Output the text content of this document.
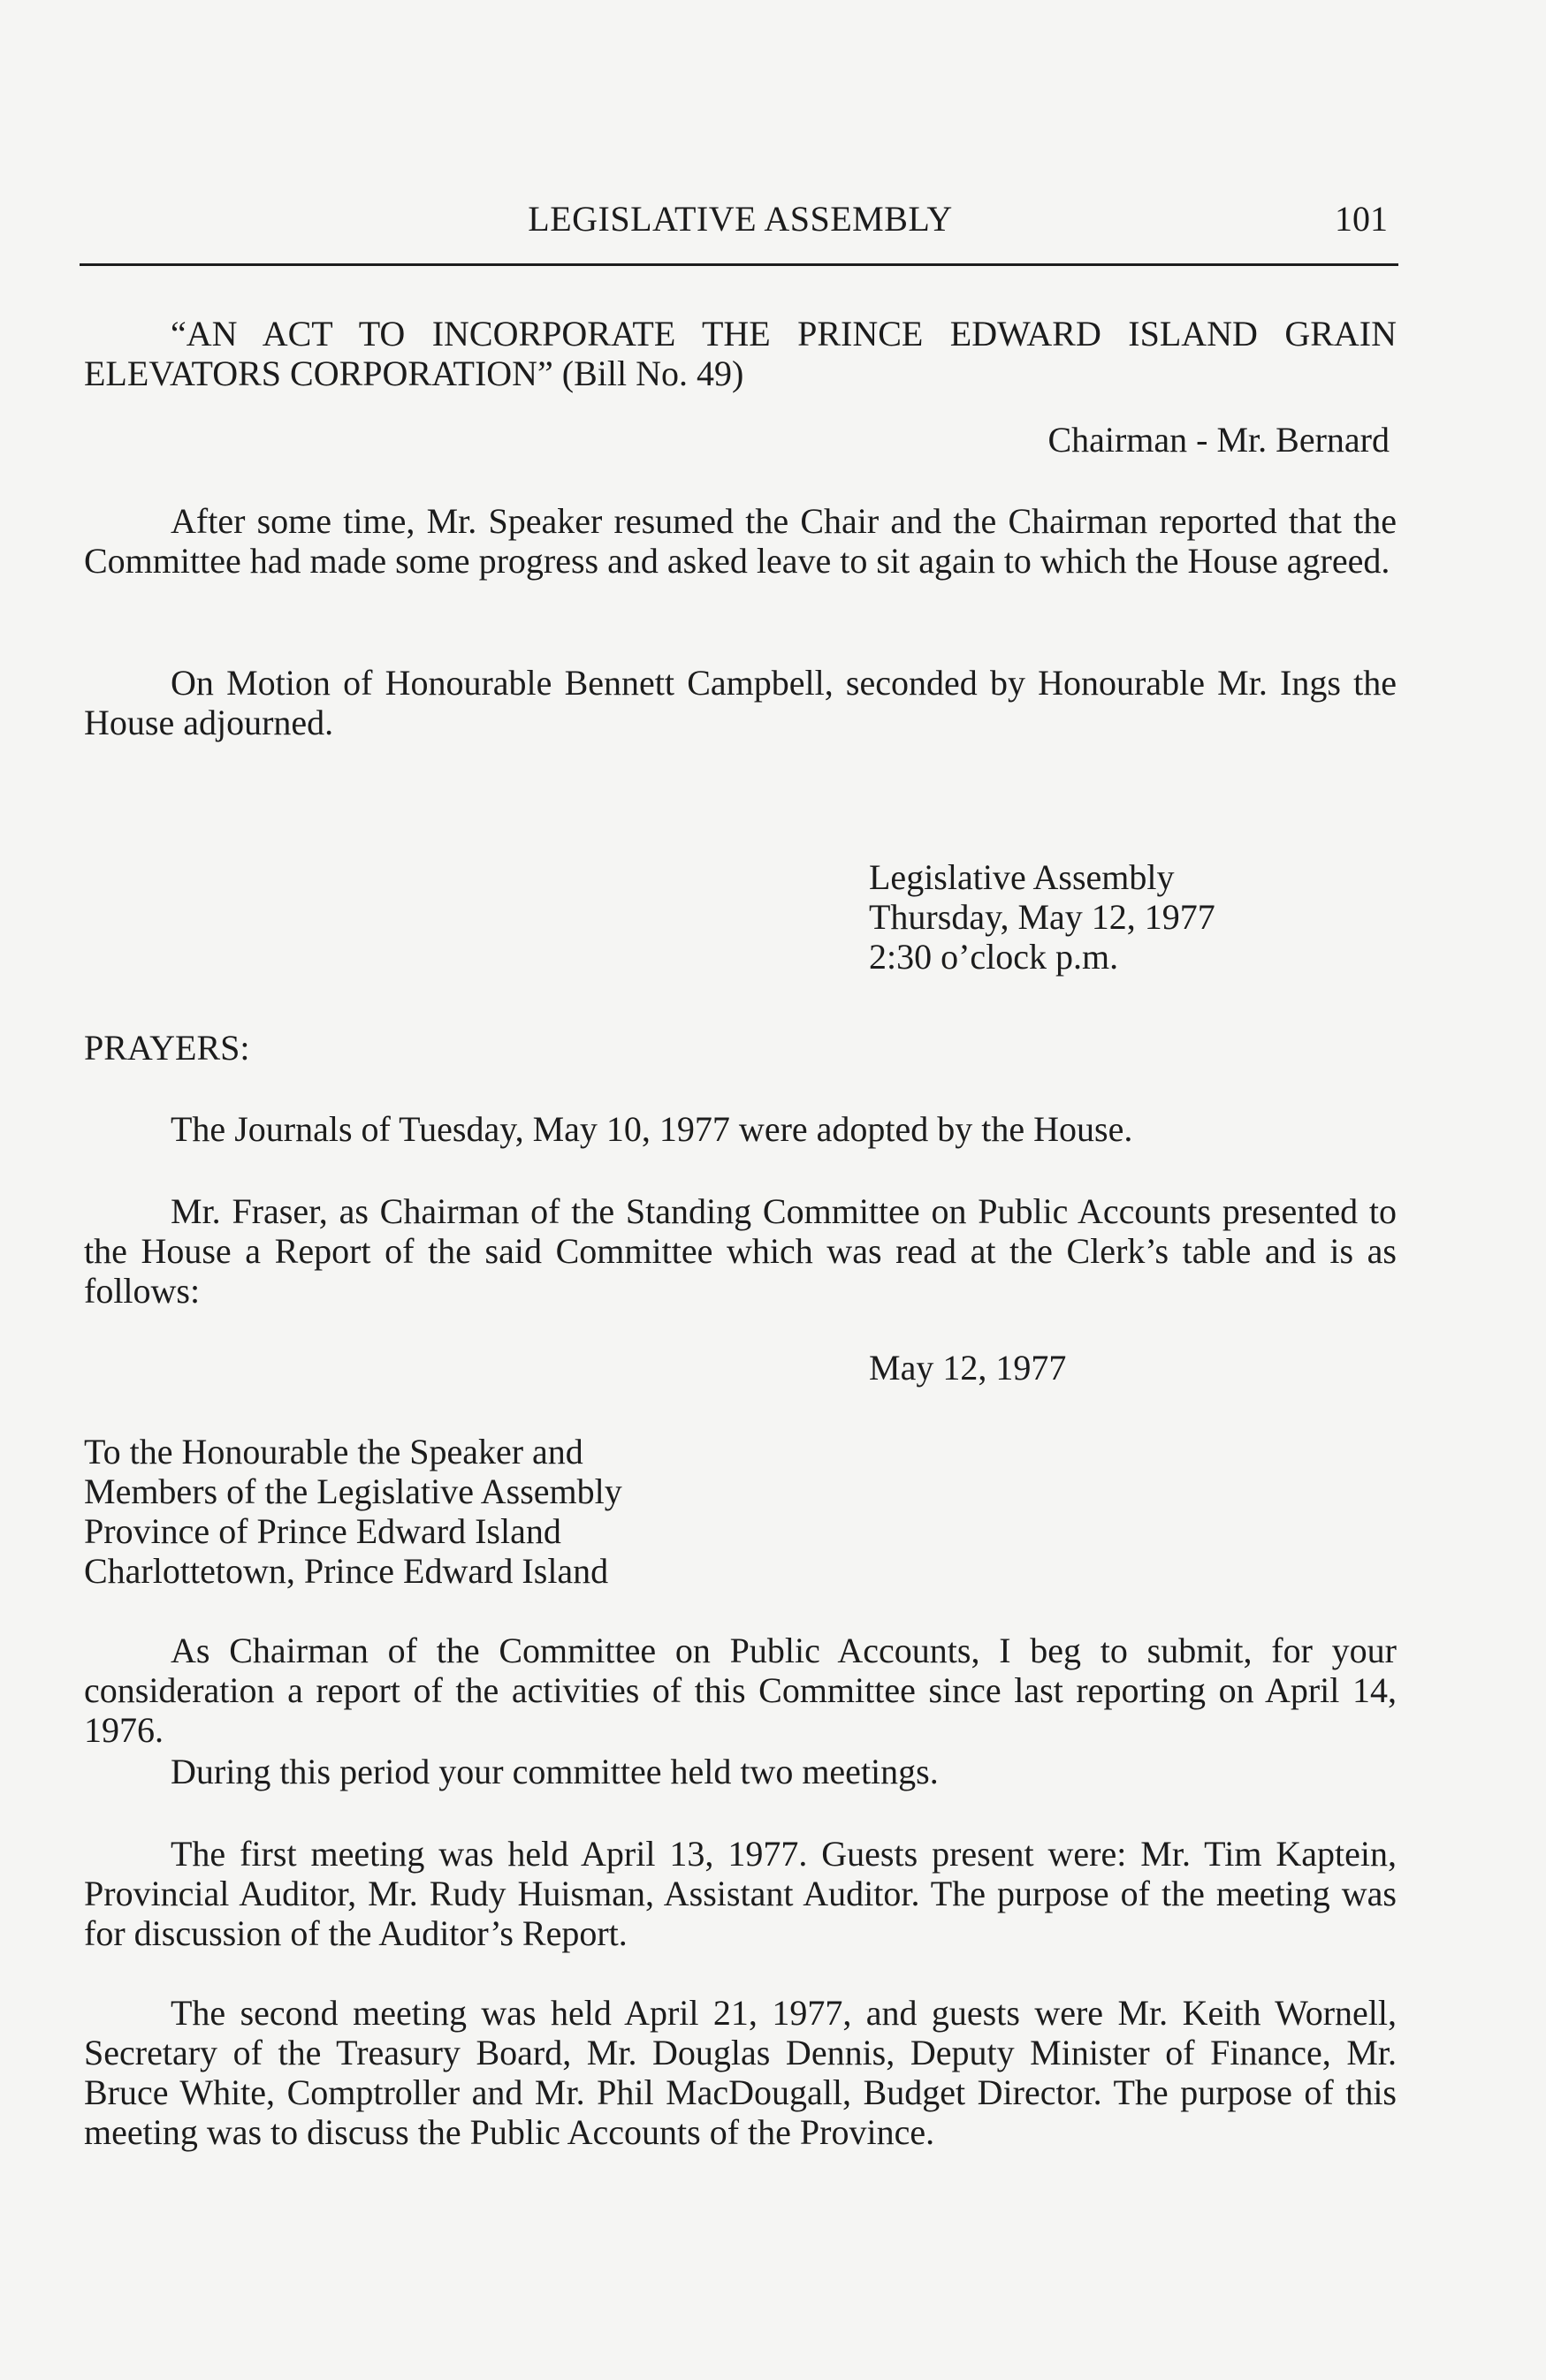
LEGISLATIVE ASSEMBLY	101

“AN ACT TO INCORPORATE THE PRINCE EDWARD ISLAND GRAIN ELEVATORS CORPORATION” (Bill No. 49)

Chairman - Mr. Bernard

After some time, Mr. Speaker resumed the Chair and the Chairman reported that the Committee had made some progress and asked leave to sit again to which the House agreed.

On Motion of Honourable Bennett Campbell, seconded by Honourable Mr. Ings the House adjourned.

Legislative Assembly
Thursday, May 12, 1977
2:30 o’clock p.m.
PRAYERS:

The Journals of Tuesday, May 10, 1977 were adopted by the House.

Mr. Fraser, as Chairman of the Standing Committee on Public Accounts presented to the House a Report of the said Committee which was read at the Clerk’s table and is as follows:

May 12, 1977
To the Honourable the Speaker and
Members of the Legislative Assembly
Province of Prince Edward Island
Charlottetown, Prince Edward Island

As Chairman of the Committee on Public Accounts, I beg to submit, for your consideration a report of the activities of this Committee since last reporting on April 14, 1976.

During this period your committee held two meetings.

The first meeting was held April 13, 1977. Guests present were: Mr. Tim Kaptein, Provincial Auditor, Mr. Rudy Huisman, Assistant Auditor. The purpose of the meeting was for discussion of the Auditor’s Report.

The second meeting was held April 21, 1977, and guests were Mr. Keith Wornell, Secretary of the Treasury Board, Mr. Douglas Dennis, Deputy Minister of Finance, Mr. Bruce White, Comptroller and Mr. Phil MacDougall, Budget Director. The purpose of this meeting was to discuss the Public Accounts of the Province.
